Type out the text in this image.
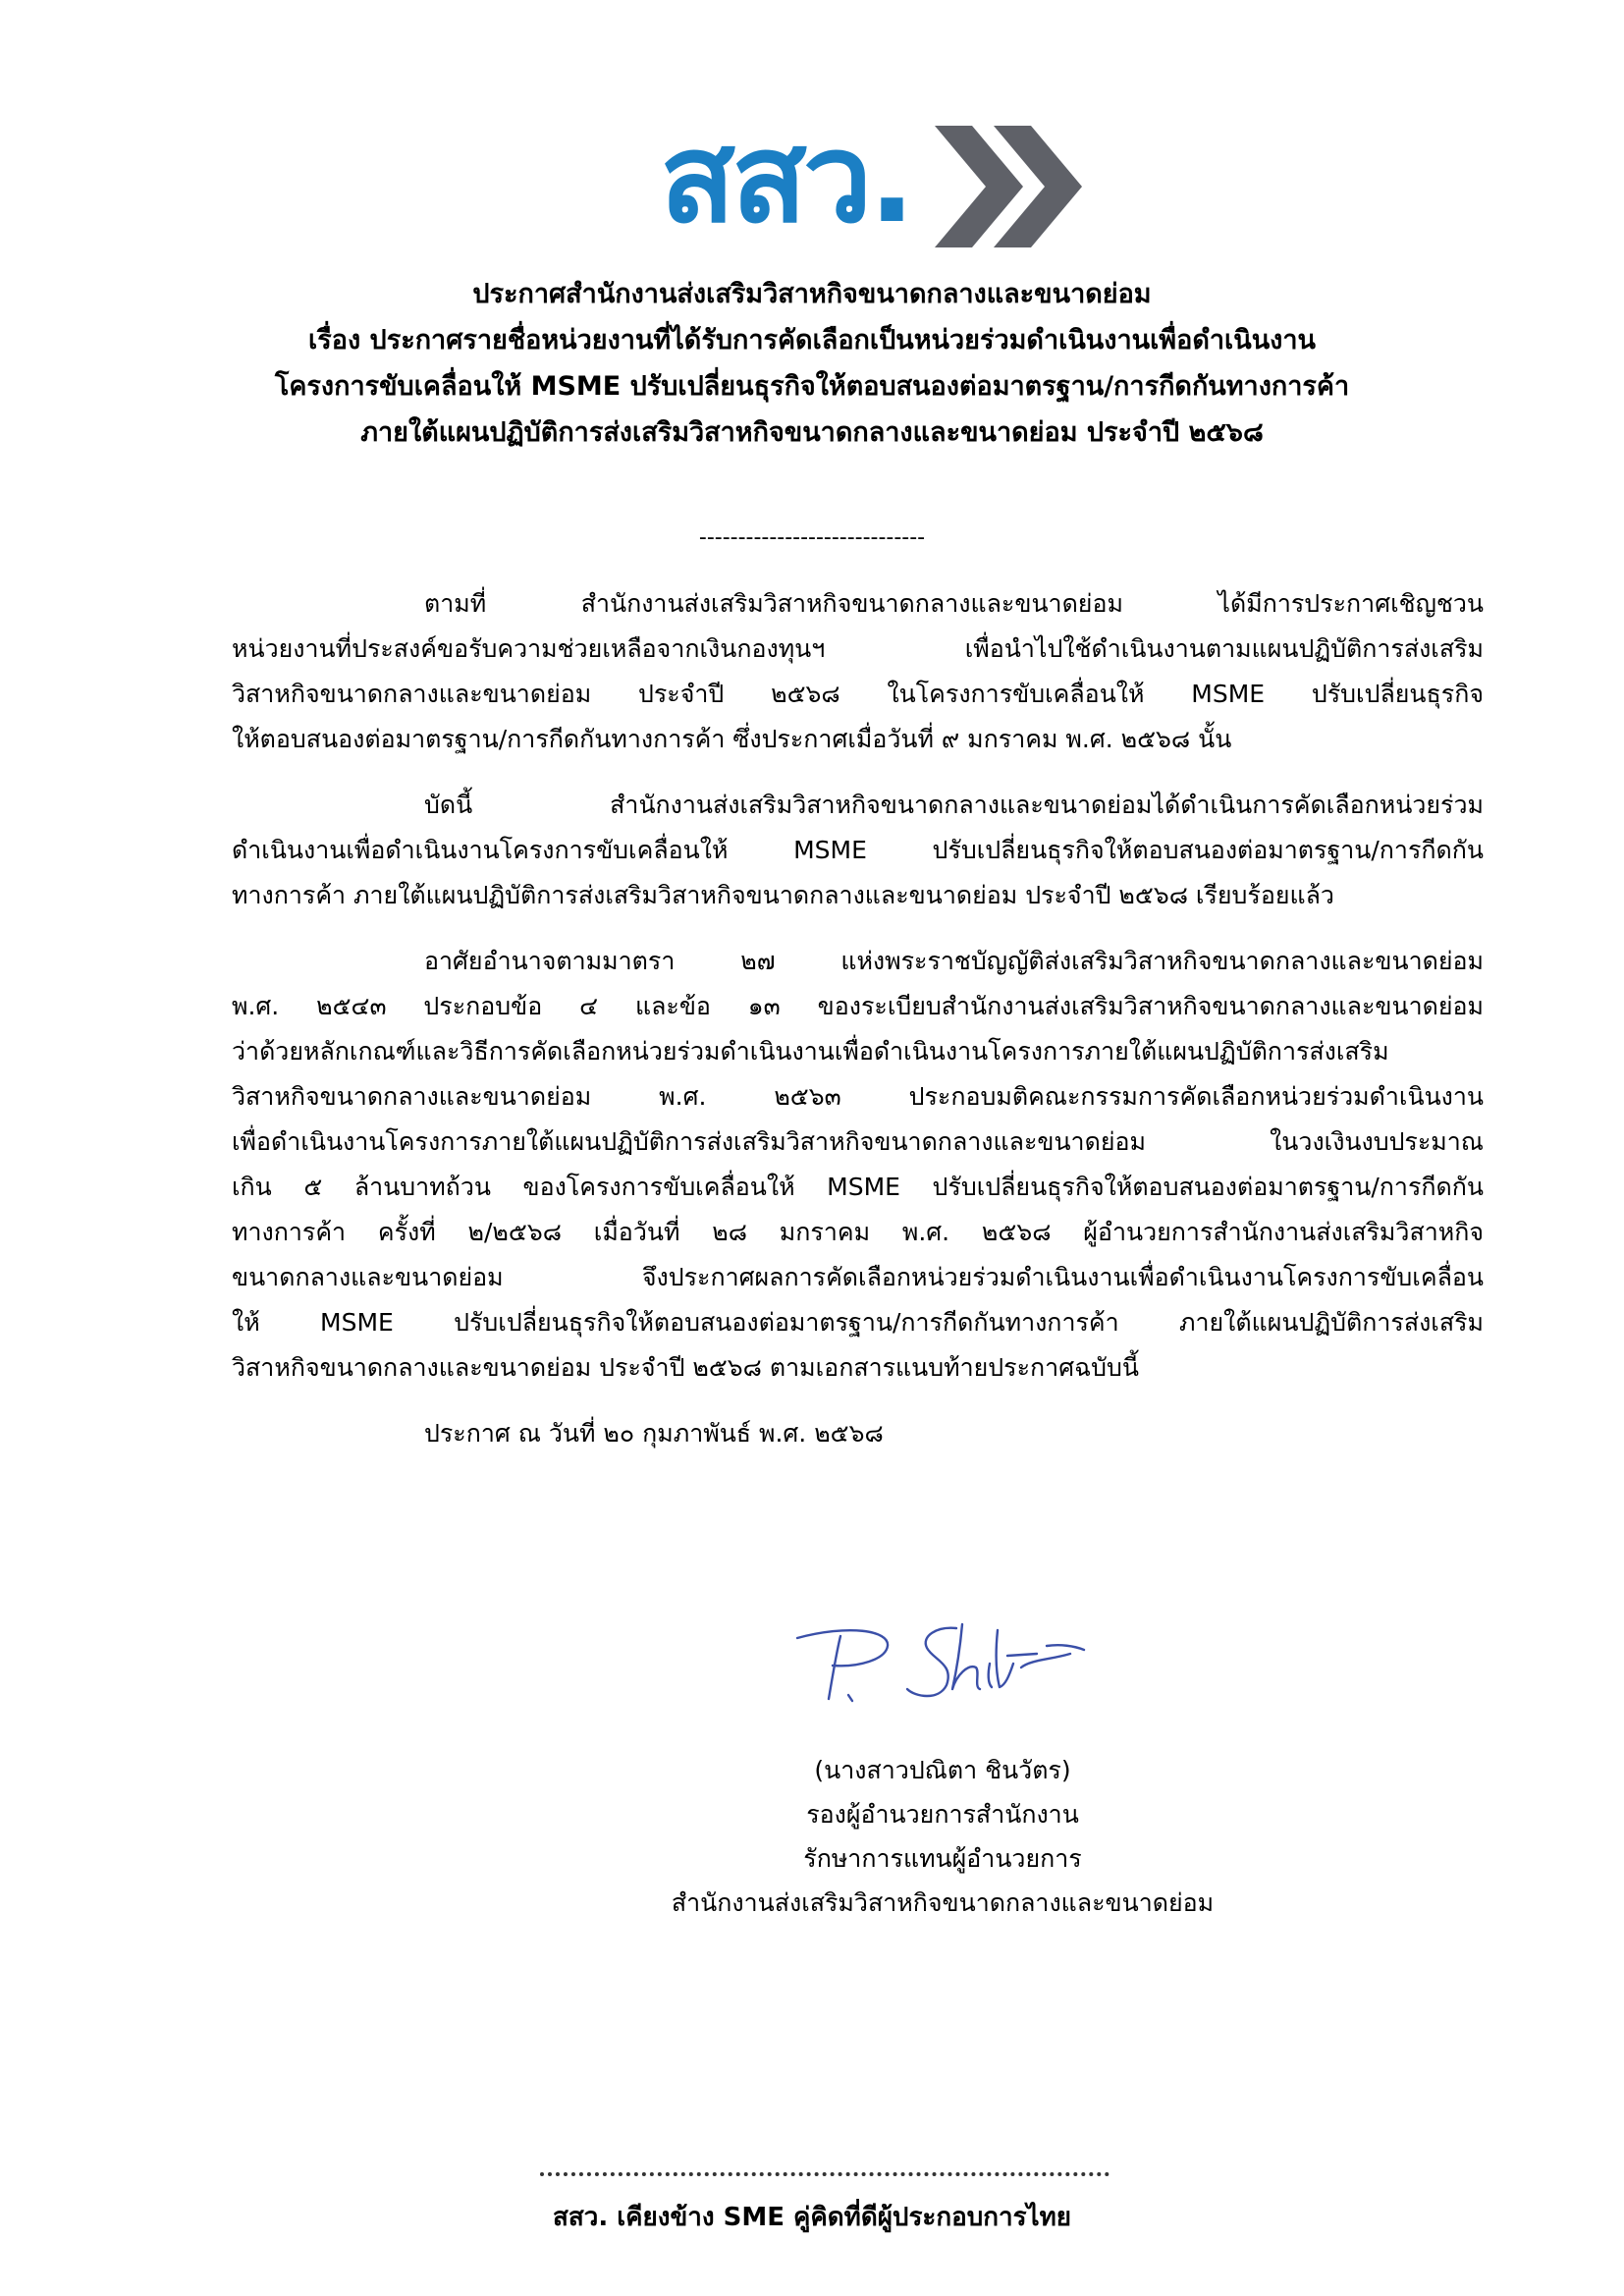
สสว.
ประกาศสำนักงานส่งเสริมวิสาหกิจขนาดกลางและขนาดย่อม
เรื่อง ประกาศรายชื่อหน่วยงานที่ได้รับการคัดเลือกเป็นหน่วยร่วมดำเนินงานเพื่อดำเนินงาน
โครงการขับเคลื่อนให้ MSME ปรับเปลี่ยนธุรกิจให้ตอบสนองต่อมาตรฐาน/การกีดกันทางการค้า
ภายใต้แผนปฏิบัติการส่งเสริมวิสาหกิจขนาดกลางและขนาดย่อม ประจำปี ๒๕๖๘
-----------------------------
ตามที่ สำนักงานส่งเสริมวิสาหกิจขนาดกลางและขนาดย่อม ได้มีการประกาศเชิญชวน
หน่วยงานที่ประสงค์ขอรับความช่วยเหลือจากเงินกองทุนฯ เพื่อนำไปใช้ดำเนินงานตามแผนปฏิบัติการส่งเสริม
วิสาหกิจขนาดกลางและขนาดย่อม ประจำปี ๒๕๖๘ ในโครงการขับเคลื่อนให้ MSME ปรับเปลี่ยนธุรกิจ
ให้ตอบสนองต่อมาตรฐาน/การกีดกันทางการค้า ซึ่งประกาศเมื่อวันที่ ๙ มกราคม พ.ศ. ๒๕๖๘ นั้น
บัดนี้ สำนักงานส่งเสริมวิสาหกิจขนาดกลางและขนาดย่อมได้ดำเนินการคัดเลือกหน่วยร่วม
ดำเนินงานเพื่อดำเนินงานโครงการขับเคลื่อนให้ MSME ปรับเปลี่ยนธุรกิจให้ตอบสนองต่อมาตรฐาน/การกีดกัน
ทางการค้า ภายใต้แผนปฏิบัติการส่งเสริมวิสาหกิจขนาดกลางและขนาดย่อม ประจำปี ๒๕๖๘ เรียบร้อยแล้ว
อาศัยอำนาจตามมาตรา ๒๗ แห่งพระราชบัญญัติส่งเสริมวิสาหกิจขนาดกลางและขนาดย่อม
พ.ศ. ๒๕๔๓ ประกอบข้อ ๔ และข้อ ๑๓ ของระเบียบสำนักงานส่งเสริมวิสาหกิจขนาดกลางและขนาดย่อม
ว่าด้วยหลักเกณฑ์และวิธีการคัดเลือกหน่วยร่วมดำเนินงานเพื่อดำเนินงานโครงการภายใต้แผนปฏิบัติการส่งเสริม
วิสาหกิจขนาดกลางและขนาดย่อม พ.ศ. ๒๕๖๓ ประกอบมติคณะกรรมการคัดเลือกหน่วยร่วมดำเนินงาน
เพื่อดำเนินงานโครงการภายใต้แผนปฏิบัติการส่งเสริมวิสาหกิจขนาดกลางและขนาดย่อม ในวงเงินงบประมาณ
เกิน ๕ ล้านบาทถ้วน ของโครงการขับเคลื่อนให้ MSME ปรับเปลี่ยนธุรกิจให้ตอบสนองต่อมาตรฐาน/การกีดกัน
ทางการค้า ครั้งที่ ๒/๒๕๖๘ เมื่อวันที่ ๒๘ มกราคม พ.ศ. ๒๕๖๘ ผู้อำนวยการสำนักงานส่งเสริมวิสาหกิจ
ขนาดกลางและขนาดย่อม จึงประกาศผลการคัดเลือกหน่วยร่วมดำเนินงานเพื่อดำเนินงานโครงการขับเคลื่อน
ให้ MSME ปรับเปลี่ยนธุรกิจให้ตอบสนองต่อมาตรฐาน/การกีดกันทางการค้า ภายใต้แผนปฏิบัติการส่งเสริม
วิสาหกิจขนาดกลางและขนาดย่อม ประจำปี ๒๕๖๘ ตามเอกสารแนบท้ายประกาศฉบับนี้
ประกาศ ณ วันที่ ๒๐ กุมภาพันธ์ พ.ศ. ๒๕๖๘
(นางสาวปณิตา ชินวัตร)
รองผู้อำนวยการสำนักงาน
รักษาการแทนผู้อำนวยการ
สำนักงานส่งเสริมวิสาหกิจขนาดกลางและขนาดย่อม
สสว. เคียงข้าง SME คู่คิดที่ดีผู้ประกอบการไทย
